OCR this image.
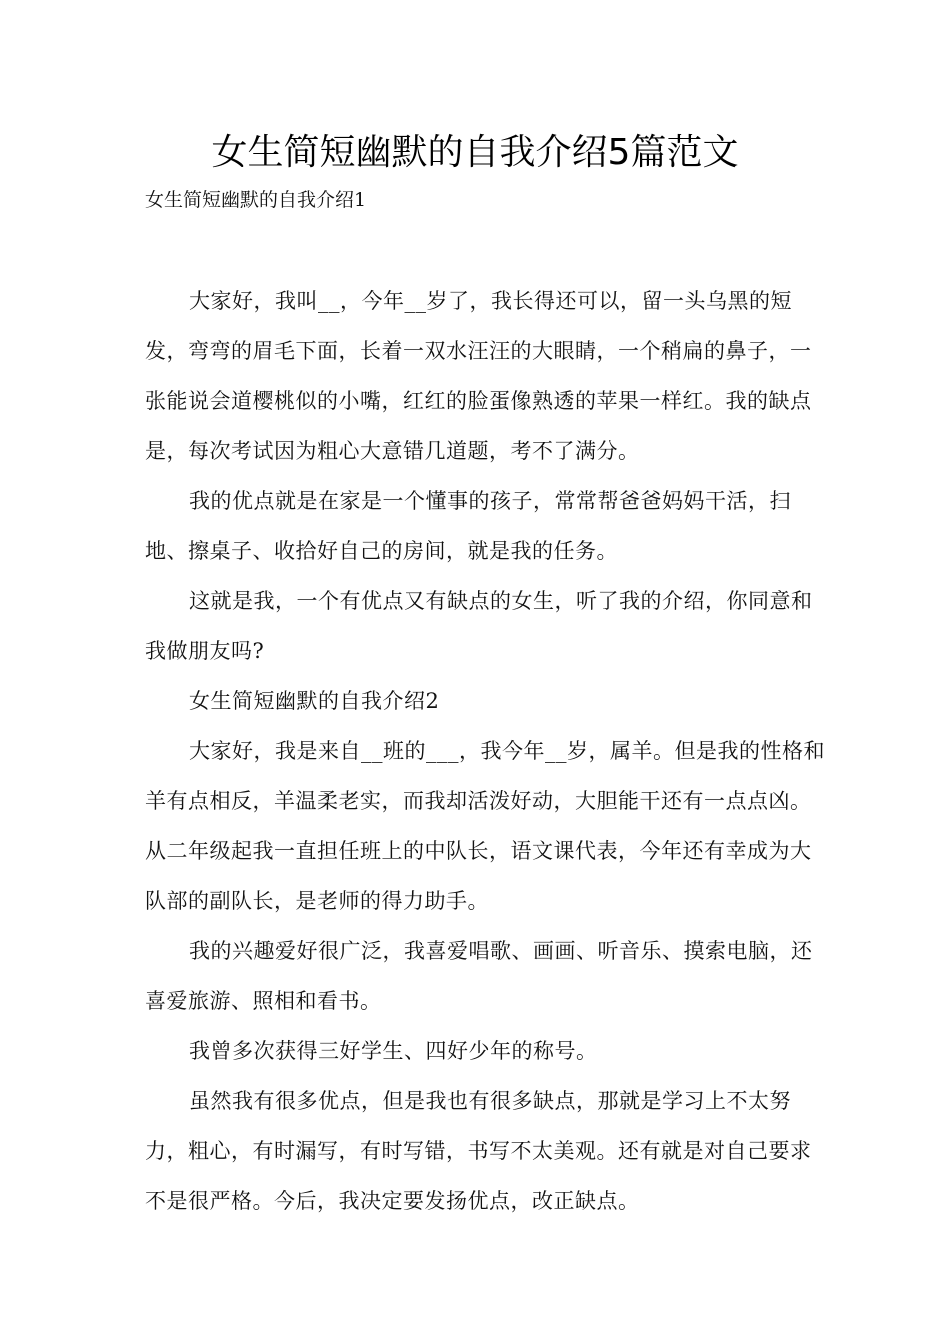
女生简短幽默的自我介绍5篇范文

女生简短幽默的自我介绍1

大家好，我叫__，今年__岁了，我长得还可以，留一头乌黑的短发，弯弯的眉毛下面，长着一双水汪汪的大眼睛，一个稍扁的鼻子，一张能说会道樱桃似的小嘴，红红的脸蛋像熟透的苹果一样红。我的缺点是，每次考试因为粗心大意错几道题，考不了满分。

我的优点就是在家是一个懂事的孩子，常常帮爸爸妈妈干活，扫地、擦桌子、收拾好自己的房间，就是我的任务。

这就是我，一个有优点又有缺点的女生，听了我的介绍，你同意和我做朋友吗?

女生简短幽默的自我介绍2

大家好，我是来自__班的___，我今年__岁，属羊。但是我的性格和羊有点相反，羊温柔老实，而我却活泼好动，大胆能干还有一点点凶。从二年级起我一直担任班上的中队长，语文课代表，今年还有幸成为大队部的副队长，是老师的得力助手。

我的兴趣爱好很广泛，我喜爱唱歌、画画、听音乐、摸索电脑，还喜爱旅游、照相和看书。

我曾多次获得三好学生、四好少年的称号。

虽然我有很多优点，但是我也有很多缺点，那就是学习上不太努力，粗心，有时漏写，有时写错，书写不太美观。还有就是对自己要求不是很严格。今后，我决定要发扬优点，改正缺点。
